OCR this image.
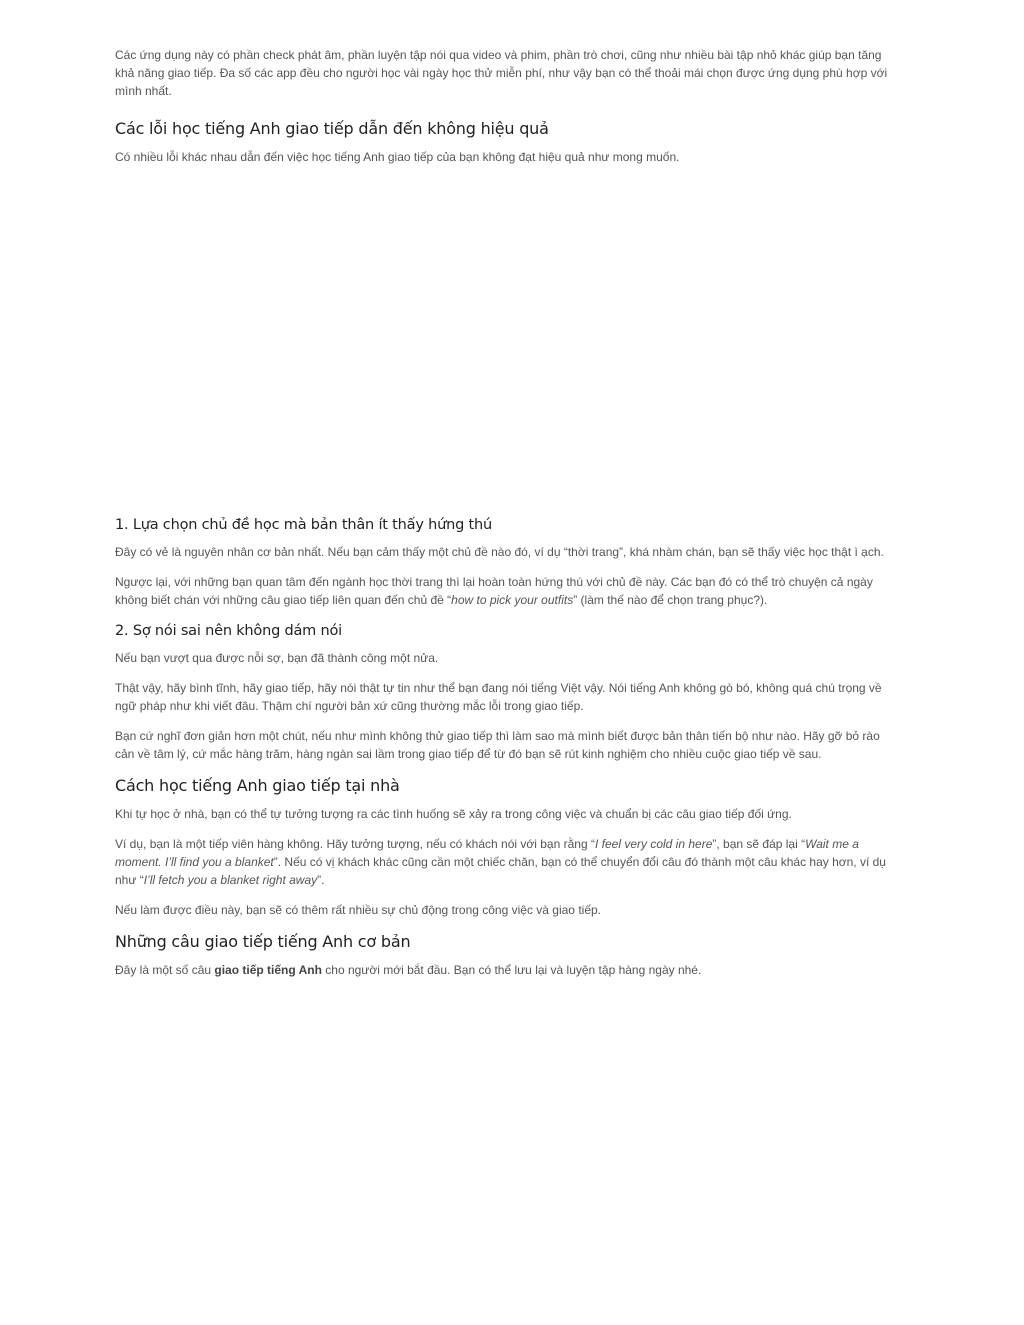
Các ứng dụng này có phần check phát âm, phần luyện tập nói qua video và phim, phần trò chơi, cũng như nhiều bài tập nhỏ khác giúp bạn tăng khả năng giao tiếp. Đa số các app đều cho người học vài ngày học thử miễn phí, như vậy bạn có thể thoải mái chọn được ứng dụng phù hợp với mình nhất.

Các lỗi học tiếng Anh giao tiếp dẫn đến không hiệu quả

Có nhiều lỗi khác nhau dẫn đến việc học tiếng Anh giao tiếp của bạn không đạt hiệu quả như mong muốn.

1. Lựa chọn chủ đề học mà bản thân ít thấy hứng thú

Đây có vẻ là nguyên nhân cơ bản nhất. Nếu bạn cảm thấy một chủ đề nào đó, ví dụ “thời trang”, khá nhàm chán, bạn sẽ thấy việc học thật ì ạch.

Ngược lại, với những bạn quan tâm đến ngành học thời trang thì lại hoàn toàn hứng thú với chủ đề này. Các bạn đó có thể trò chuyện cả ngày không biết chán với những câu giao tiếp liên quan đến chủ đề “how to pick your outfits” (làm thế nào để chọn trang phục?).

2. Sợ nói sai nên không dám nói

Nếu bạn vượt qua được nỗi sợ, bạn đã thành công một nửa.

Thật vậy, hãy bình tĩnh, hãy giao tiếp, hãy nói thật tự tin như thể bạn đang nói tiếng Việt vậy. Nói tiếng Anh không gò bó, không quá chú trọng về ngữ pháp như khi viết đâu. Thậm chí người bản xứ cũng thường mắc lỗi trong giao tiếp.

Bạn cứ nghĩ đơn giản hơn một chút, nếu như mình không thử giao tiếp thì làm sao mà mình biết được bản thân tiến bộ như nào. Hãy gỡ bỏ rào cản về tâm lý, cứ mắc hàng trăm, hàng ngàn sai lầm trong giao tiếp để từ đó bạn sẽ rút kinh nghiệm cho nhiều cuộc giao tiếp về sau.

Cách học tiếng Anh giao tiếp tại nhà

Khi tự học ở nhà, bạn có thể tự tưởng tượng ra các tình huống sẽ xảy ra trong công việc và chuẩn bị các câu giao tiếp đối ứng.

Ví dụ, bạn là một tiếp viên hàng không. Hãy tưởng tượng, nếu có khách nói với bạn rằng “I feel very cold in here”, bạn sẽ đáp lại “Wait me a moment. I’ll find you a blanket”. Nếu có vị khách khác cũng cần một chiếc chăn, bạn có thể chuyển đổi câu đó thành một câu khác hay hơn, ví dụ như “I’ll fetch you a blanket right away”.

Nếu làm được điều này, bạn sẽ có thêm rất nhiều sự chủ động trong công việc và giao tiếp.

Những câu giao tiếp tiếng Anh cơ bản

Đây là một số câu giao tiếp tiếng Anh cho người mới bắt đầu. Bạn có thể lưu lại và luyện tập hàng ngày nhé.
